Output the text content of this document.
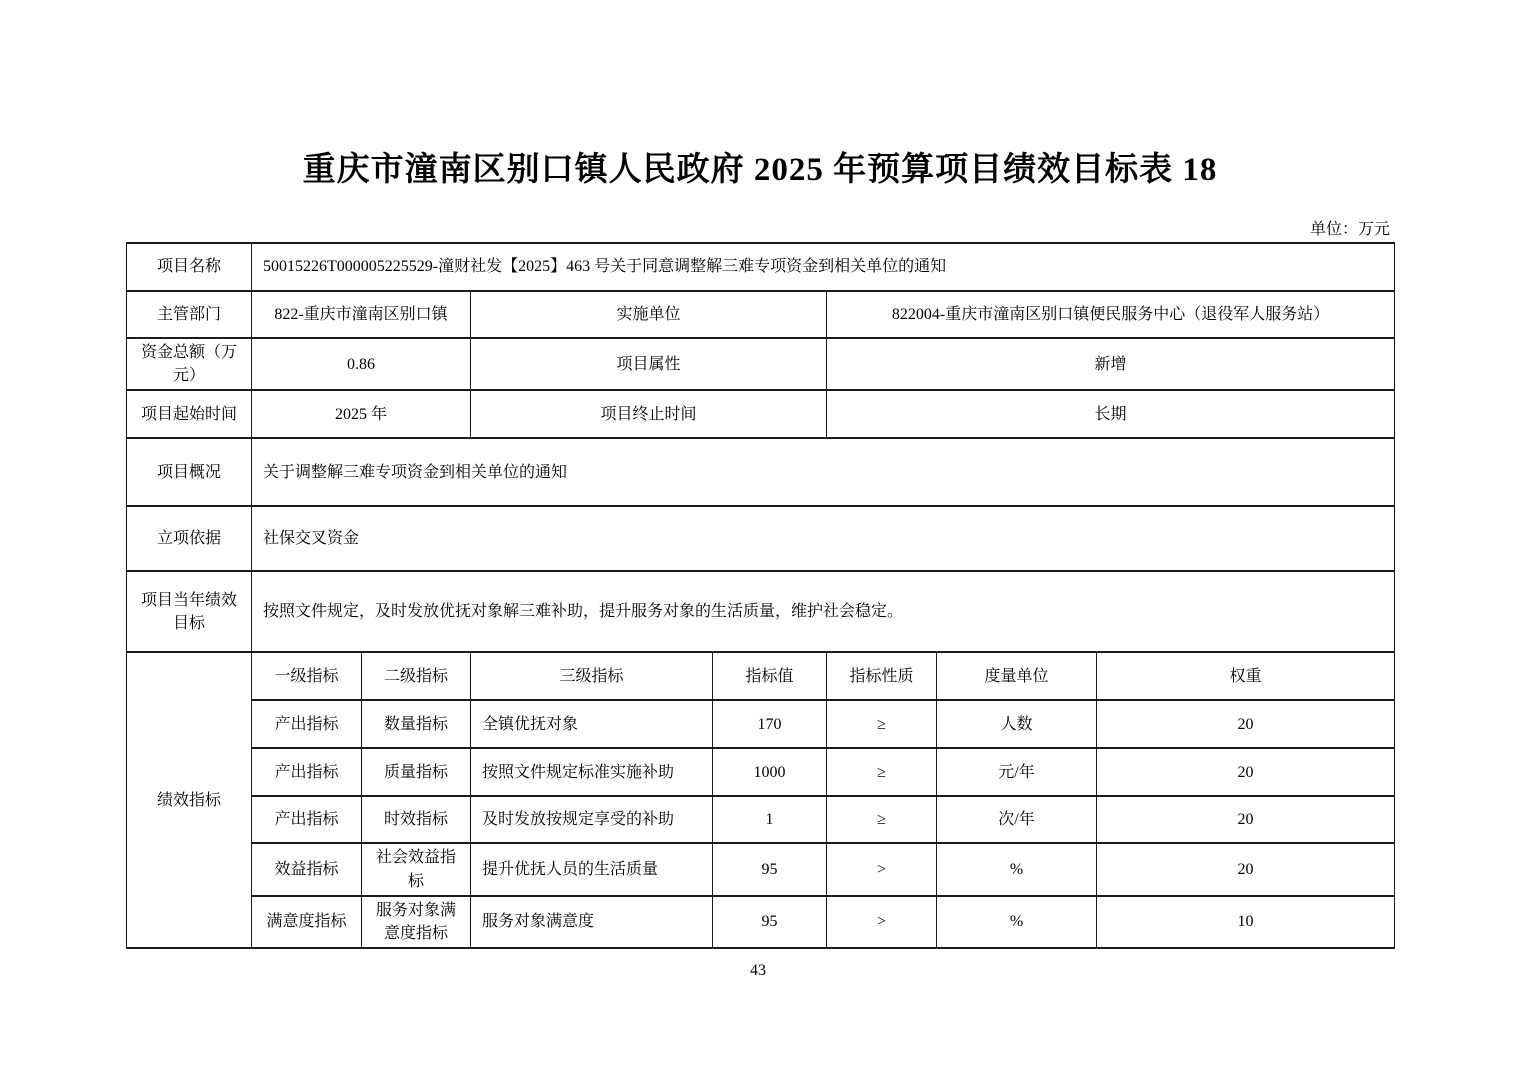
重庆市潼南区别口镇人民政府 2025 年预算项目绩效目标表 18
单位：万元
项目名称	50015226T000005225529-潼财社发【2025】463 号关于同意调整解三难专项资金到相关单位的通知						
主管部门	822-重庆市潼南区别口镇		实施单位		822004-重庆市潼南区别口镇便民服务中心（退役军人服务站）		
资金总额（万元）	0.86		项目属性		新增		
项目起始时间	2025 年		项目终止时间		长期		
项目概况	关于调整解三难专项资金到相关单位的通知						
立项依据	社保交叉资金						
项目当年绩效目标	按照文件规定，及时发放优抚对象解三难补助，提升服务对象的生活质量，维护社会稳定。						
绩效指标	一级指标	二级指标	三级指标	指标值	指标性质	度量单位	权重
	产出指标	数量指标	全镇优抚对象	170	≥	人数	20
	产出指标	质量指标	按照文件规定标准实施补助	1000	≥	元/年	20
	产出指标	时效指标	及时发放按规定享受的补助	1	≥	次/年	20
	效益指标	社会效益指标	提升优抚人员的生活质量	95	>	%	20
	满意度指标	服务对象满意度指标	服务对象满意度	95	>	%	10
43
